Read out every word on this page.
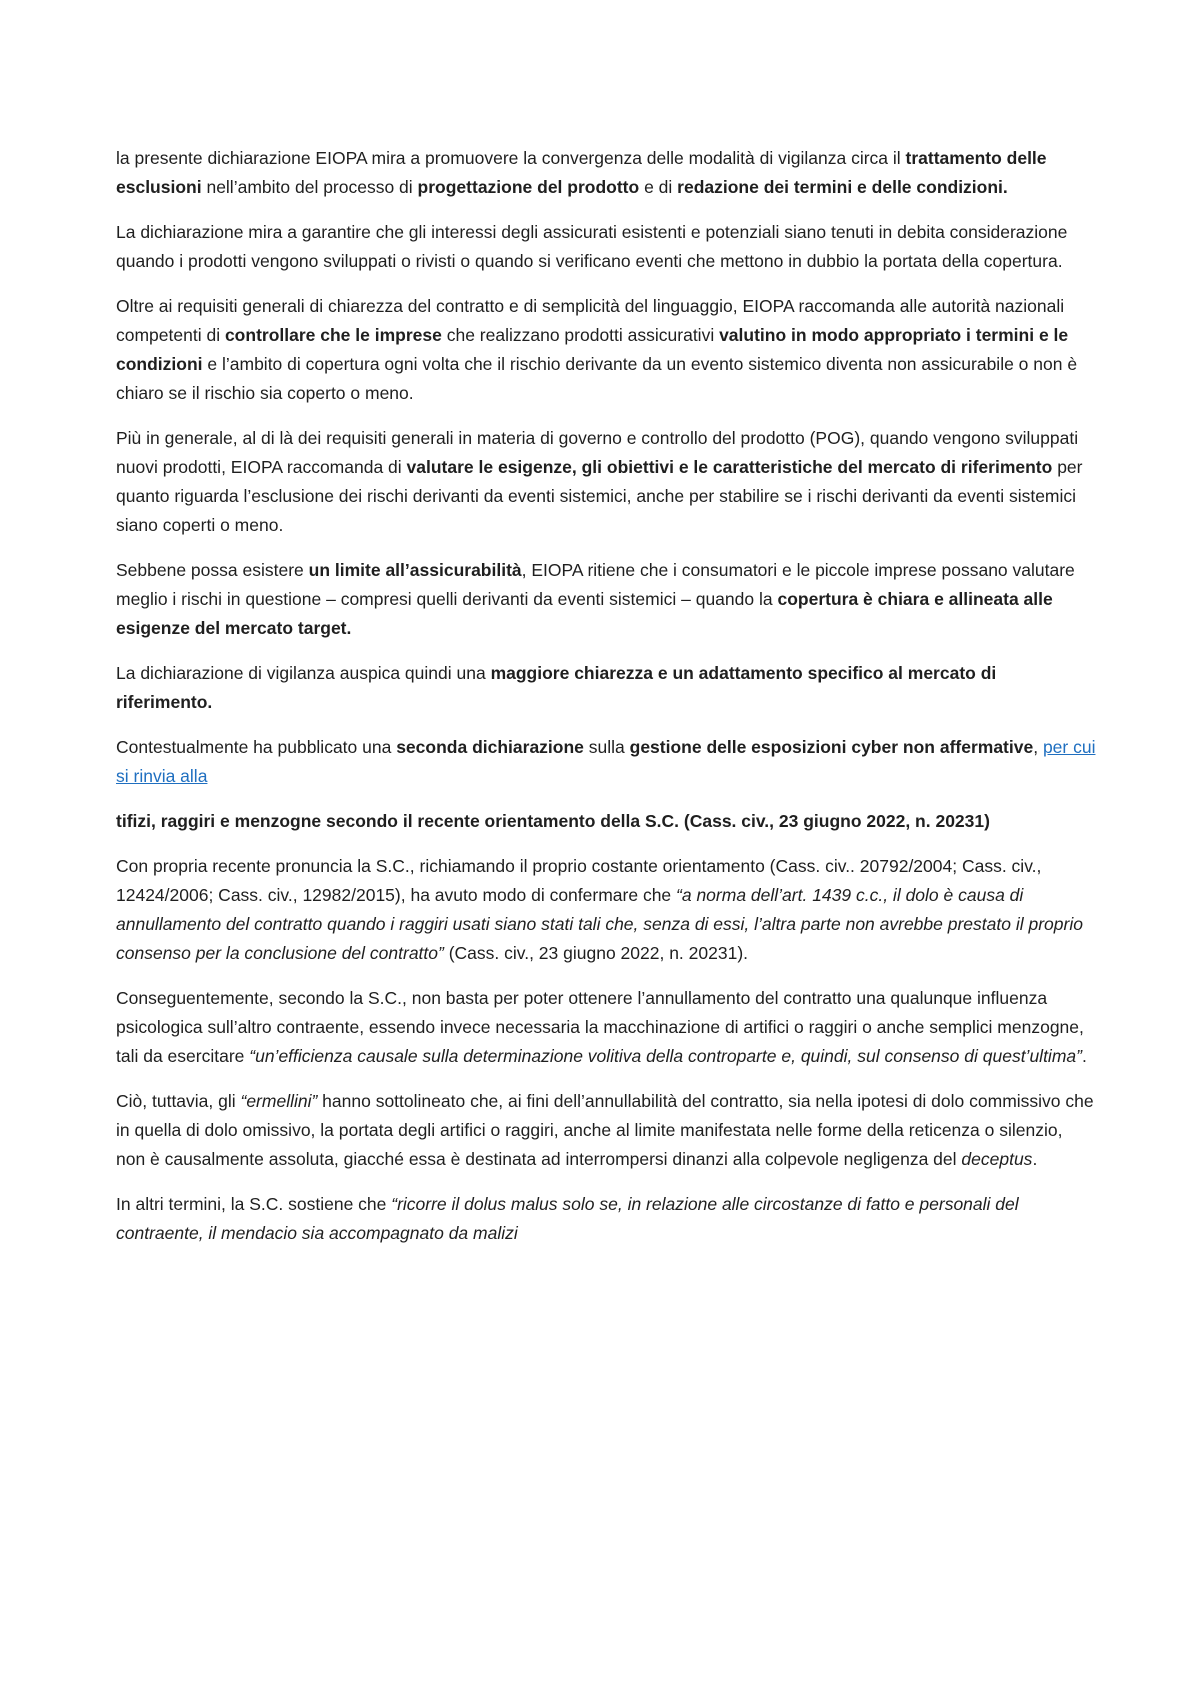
la presente dichiarazione EIOPA mira a promuovere la convergenza delle modalità di vigilanza circa il trattamento delle esclusioni nell’ambito del processo di progettazione del prodotto e di redazione dei termini e delle condizioni.

La dichiarazione mira a garantire che gli interessi degli assicurati esistenti e potenziali siano tenuti in debita considerazione quando i prodotti vengono sviluppati o rivisti o quando si verificano eventi che mettono in dubbio la portata della copertura.

Oltre ai requisiti generali di chiarezza del contratto e di semplicità del linguaggio, EIOPA raccomanda alle autorità nazionali competenti di controllare che le imprese che realizzano prodotti assicurativi valutino in modo appropriato i termini e le condizioni e l’ambito di copertura ogni volta che il rischio derivante da un evento sistemico diventa non assicurabile o non è chiaro se il rischio sia coperto o meno.

Più in generale, al di là dei requisiti generali in materia di governo e controllo del prodotto (POG), quando vengono sviluppati nuovi prodotti, EIOPA raccomanda di valutare le esigenze, gli obiettivi e le caratteristiche del mercato di riferimento per quanto riguarda l’esclusione dei rischi derivanti da eventi sistemici, anche per stabilire se i rischi derivanti da eventi sistemici siano coperti o meno.

Sebbene possa esistere un limite all’assicurabilità, EIOPA ritiene che i consumatori e le piccole imprese possano valutare meglio i rischi in questione – compresi quelli derivanti da eventi sistemici – quando la copertura è chiara e allineata alle esigenze del mercato target.

La dichiarazione di vigilanza auspica quindi una maggiore chiarezza e un adattamento specifico al mercato di riferimento.

Contestualmente ha pubblicato una seconda dichiarazione sulla gestione delle esposizioni cyber non affermative, per cui si rinvia alla

tifizi, raggiri e menzogne secondo il recente orientamento della S.C. (Cass. civ., 23 giugno 2022, n. 20231)

Con propria recente pronuncia la S.C., richiamando il proprio costante orientamento (Cass. civ.. 20792/2004; Cass. civ., 12424/2006; Cass. civ., 12982/2015), ha avuto modo di confermare che “a norma dell’art. 1439 c.c., il dolo è causa di annullamento del contratto quando i raggiri usati siano stati tali che, senza di essi, l’altra parte non avrebbe prestato il proprio consenso per la conclusione del contratto” (Cass. civ., 23 giugno 2022, n. 20231).

Conseguentemente, secondo la S.C., non basta per poter ottenere l’annullamento del contratto una qualunque influenza psicologica sull’altro contraente, essendo invece necessaria la macchinazione di artifici o raggiri o anche semplici menzogne, tali da esercitare “un’efficienza causale sulla determinazione volitiva della controparte e, quindi, sul consenso di quest’ultima”.

Ciò, tuttavia, gli “ermellini” hanno sottolineato che, ai fini dell’annullabilità del contratto, sia nella ipotesi di dolo commissivo che in quella di dolo omissivo, la portata degli artifici o raggiri, anche al limite manifestata nelle forme della reticenza o silenzio, non è causalmente assoluta, giacché essa è destinata ad interrompersi dinanzi alla colpevole negligenza del deceptus.

In altri termini, la S.C. sostiene che “ricorre il dolus malus solo se, in relazione alle circostanze di fatto e personali del contraente, il mendacio sia accompagnato da malizi
